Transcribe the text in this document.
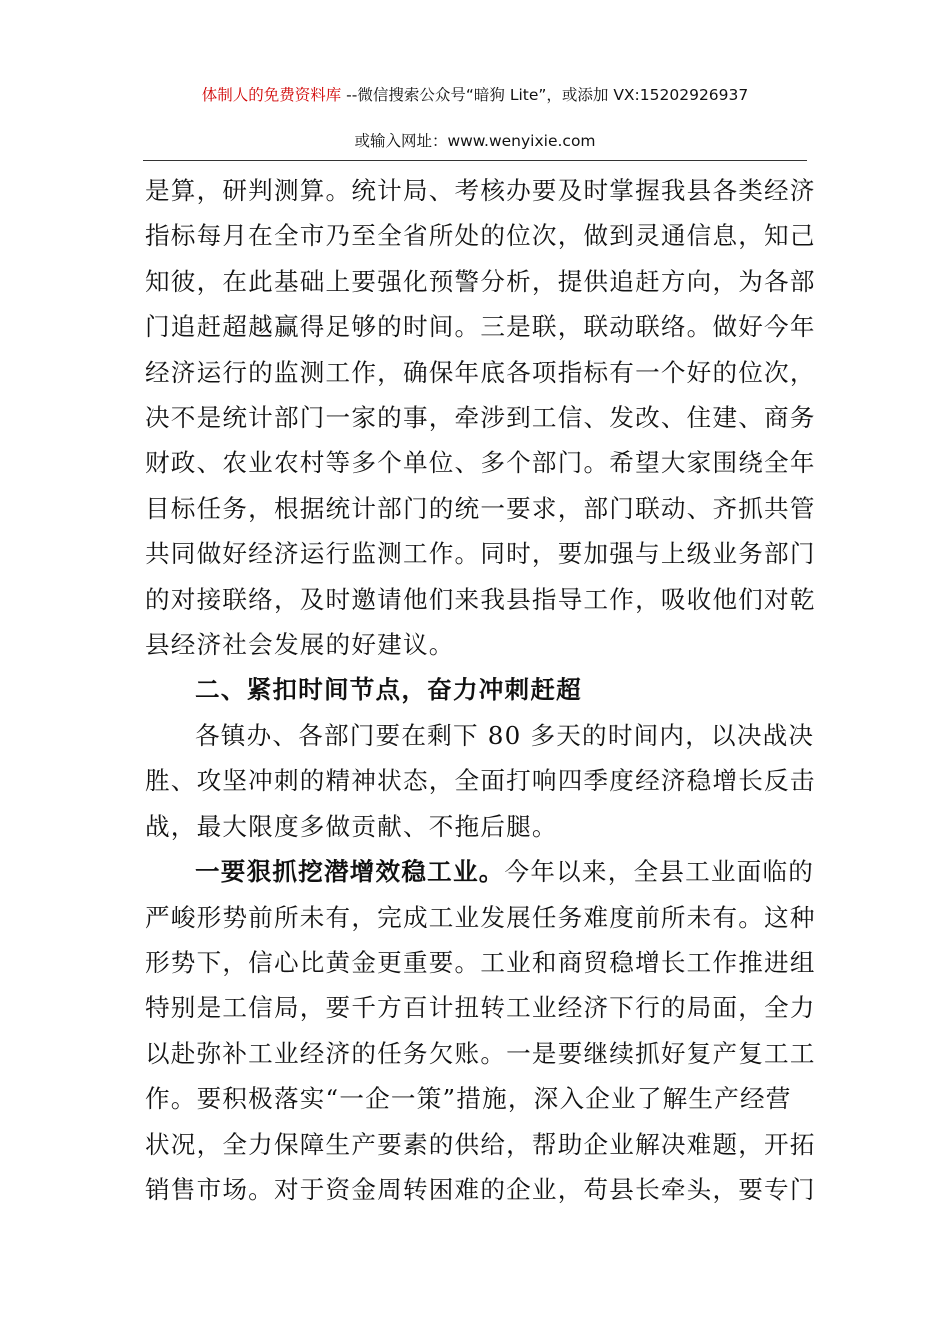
体制人的免费资料库 --微信搜索公众号“暗狗 Lite”，或添加 VX:15202926937
或输入网址：www.wenyixie.com

是算，研判测算。统计局、考核办要及时掌握我县各类经济
指标每月在全市乃至全省所处的位次，做到灵通信息，知己
知彼，在此基础上要强化预警分析，提供追赶方向，为各部
门追赶超越赢得足够的时间。三是联，联动联络。做好今年
经济运行的监测工作，确保年底各项指标有一个好的位次，
决不是统计部门一家的事，牵涉到工信、发改、住建、商务
财政、农业农村等多个单位、多个部门。希望大家围绕全年
目标任务，根据统计部门的统一要求，部门联动、齐抓共管
共同做好经济运行监测工作。同时，要加强与上级业务部门
的对接联络，及时邀请他们来我县指导工作，吸收他们对乾
县经济社会发展的好建议。

二、紧扣时间节点，奋力冲刺赶超

各镇办、各部门要在剩下 80 多天的时间内，以决战决
胜、攻坚冲刺的精神状态，全面打响四季度经济稳增长反击
战，最大限度多做贡献、不拖后腿。

一要狠抓挖潜增效稳工业。今年以来，全县工业面临的
严峻形势前所未有，完成工业发展任务难度前所未有。这种
形势下，信心比黄金更重要。工业和商贸稳增长工作推进组
特别是工信局，要千方百计扭转工业经济下行的局面，全力
以赴弥补工业经济的任务欠账。一是要继续抓好复产复工工
作。要积极落实“一企一策”措施，深入企业了解生产经营
状况，全力保障生产要素的供给，帮助企业解决难题，开拓
销售市场。对于资金周转困难的企业，苟县长牵头，要专门
